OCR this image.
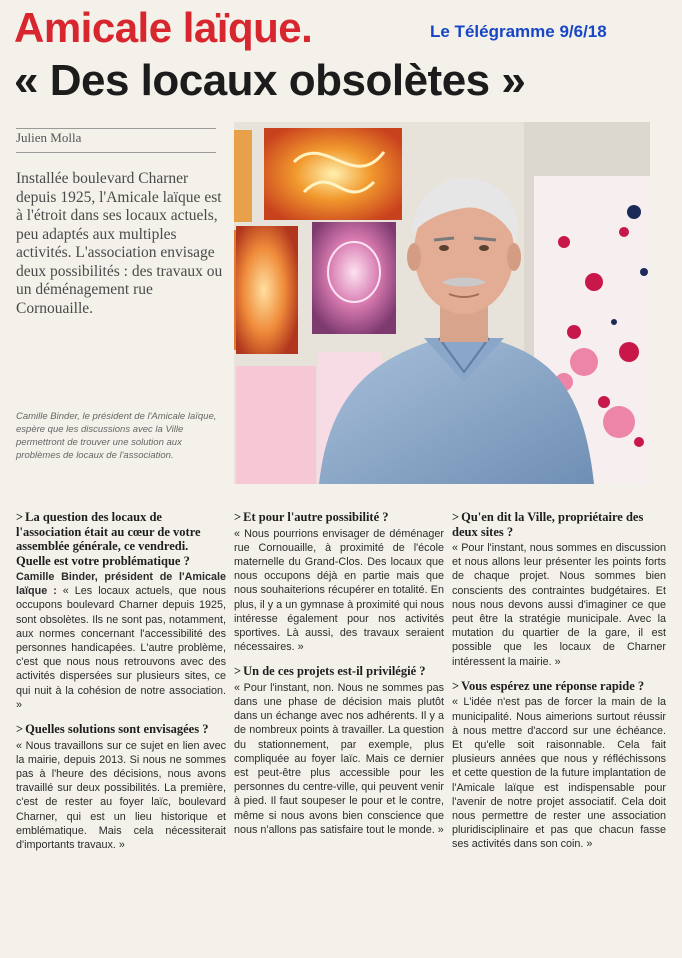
Amicale laïque.	Le Télégramme 9/6/18
« Des locaux obsolètes »
Julien Molla
Installée boulevard Charner depuis 1925, l'Amicale laïque est à l'étroit dans ses locaux actuels, peu adaptés aux multiples activités. L'association envisage deux possibilités : des travaux ou un déménagement rue Cornouaille.
Camille Binder, le président de l'Amicale laïque, espère que les discussions avec la Ville permettront de trouver une solution aux problèmes de locaux de l'association.
> La question des locaux de l'association était au cœur de votre assemblée générale, ce vendredi. Quelle est votre problématique ?
Camille Binder, président de l'Amicale laïque : « Les locaux actuels, que nous occupons boulevard Charner depuis 1925, sont obsolètes. Ils ne sont pas, notamment, aux normes concernant l'accessibilité des personnes handicapées. L'autre problème, c'est que nous nous retrouvons avec des activités dispersées sur plusieurs sites, ce qui nuit à la cohésion de notre association. »
> Quelles solutions sont envisagées ?
« Nous travaillons sur ce sujet en lien avec la mairie, depuis 2013. Si nous ne sommes pas à l'heure des décisions, nous avons travaillé sur deux possibilités. La première, c'est de rester au foyer laïc, boulevard Charner, qui est un lieu historique et emblématique. Mais cela nécessiterait d'importants travaux. »
> Et pour l'autre possibilité ?
« Nous pourrions envisager de déménager rue Cornouaille, à proximité de l'école maternelle du Grand-Clos. Des locaux que nous occupons déjà en partie mais que nous souhaiterions récupérer en totalité. En plus, il y a un gymnase à proximité qui nous intéresse également pour nos activités sportives. Là aussi, des travaux seraient nécessaires. »
> Un de ces projets est-il privilégié ?
« Pour l'instant, non. Nous ne sommes pas dans une phase de décision mais plutôt dans un échange avec nos adhérents. Il y a de nombreux points à travailler. La question du stationnement, par exemple, plus compliquée au foyer laïc. Mais ce dernier est peut-être plus accessible pour les personnes du centre-ville, qui peuvent venir à pied. Il faut soupeser le pour et le contre, même si nous avons bien conscience que nous n'allons pas satisfaire tout le monde. »
> Qu'en dit la Ville, propriétaire des deux sites ?
« Pour l'instant, nous sommes en discussion et nous allons leur présenter les points forts de chaque projet. Nous sommes bien conscients des contraintes budgétaires. Et nous nous devons aussi d'imaginer ce que peut être la stratégie municipale. Avec la mutation du quartier de la gare, il est possible que les locaux de Charner intéressent la mairie. »
> Vous espérez une réponse rapide ?
« L'idée n'est pas de forcer la main de la municipalité. Nous aimerions surtout réussir à nous mettre d'accord sur une échéance. Et qu'elle soit raisonnable. Cela fait plusieurs années que nous y réfléchissons et cette question de la future implantation de l'Amicale laïque est indispensable pour l'avenir de notre projet associatif. Cela doit nous permettre de rester une association pluridisciplinaire et pas que chacun fasse ses activités dans son coin. »
